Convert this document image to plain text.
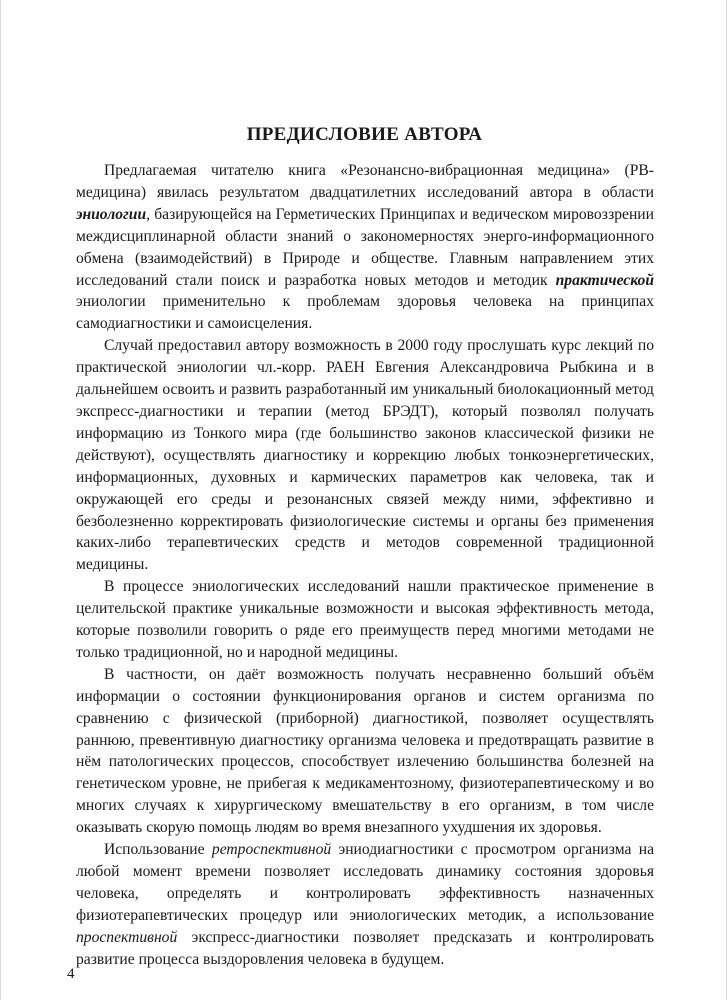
ПРЕДИСЛОВИЕ АВТОРА

Предлагаемая читателю книга «Резонансно-вибрационная медицина» (РВ-медицина) явилась результатом двадцатилетних исследований автора в области эниологии, базирующейся на Герметических Принципах и ведическом мировоззрении междисциплинарной области знаний о закономерностях энерго-информационного обмена (взаимодействий) в Природе и обществе. Главным направлением этих исследований стали поиск и разработка новых методов и методик практической эниологии применительно к проблемам здоровья человека на принципах самодиагностики и самоисцеления.

Случай предоставил автору возможность в 2000 году прослушать курс лекций по практической эниологии чл.-корр. РАЕН Евгения Александровича Рыбкина и в дальнейшем освоить и развить разработанный им уникальный биолокационный метод экспресс-диагностики и терапии (метод БРЭДТ), который позволял получать информацию из Тонкого мира (где большинство законов классической физики не действуют), осуществлять диагностику и коррекцию любых тонкоэнергетических, информационных, духовных и кармических параметров как человека, так и окружающей его среды и резонансных связей между ними, эффективно и безболезненно корректировать физиологические системы и органы без применения каких-либо терапевтических средств и методов современной традиционной медицины.

В процессе эниологических исследований нашли практическое применение в целительской практике уникальные возможности и высокая эффективность метода, которые позволили говорить о ряде его преимуществ перед многими методами не только традиционной, но и народной медицины.

В частности, он даёт возможность получать несравненно больший объём информации о состоянии функционирования органов и систем организма по сравнению с физической (приборной) диагностикой, позволяет осуществлять раннюю, превентивную диагностику организма человека и предотвращать развитие в нём патологических процессов, способствует излечению большинства болезней на генетическом уровне, не прибегая к медикаментозному, физиотерапевтическому и во многих случаях к хирургическому вмешательству в его организм, в том числе оказывать скорую помощь людям во время внезапного ухудшения их здоровья.

Использование ретроспективной эниодиагностики с просмотром организма на любой момент времени позволяет исследовать динамику состояния здоровья человека, определять и контролировать эффективность назначенных физиотерапевтических процедур или эниологических методик, а использование проспективной экспресс-диагностики позволяет предсказать и контролировать развитие процесса выздоровления человека в будущем.

4
